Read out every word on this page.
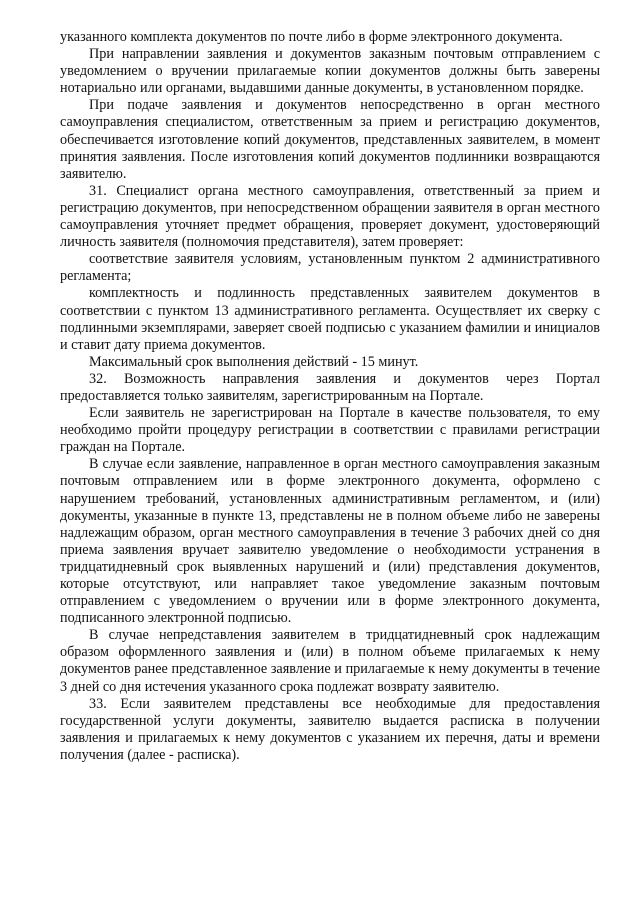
указанного комплекта документов по почте либо в форме электронного документа.

При направлении заявления и документов заказным почтовым отправлением с уведомлением о вручении прилагаемые копии документов должны быть заверены нотариально или органами, выдавшими данные документы, в установленном порядке.

При подаче заявления и документов непосредственно в орган местного самоуправления специалистом, ответственным за прием и регистрацию документов, обеспечивается изготовление копий документов, представленных заявителем, в момент принятия заявления. После изготовления копий документов подлинники возвращаются заявителю.

31. Специалист органа местного самоуправления, ответственный за прием и регистрацию документов, при непосредственном обращении заявителя в орган местного самоуправления уточняет предмет обращения, проверяет документ, удостоверяющий личность заявителя (полномочия представителя), затем проверяет:

соответствие заявителя условиям, установленным пунктом 2 административного регламента;

комплектность и подлинность представленных заявителем документов в соответствии с пунктом 13 административного регламента. Осуществляет их сверку с подлинными экземплярами, заверяет своей подписью с указанием фамилии и инициалов и ставит дату приема документов.

Максимальный срок выполнения действий - 15 минут.

32. Возможность направления заявления и документов через Портал предоставляется только заявителям, зарегистрированным на Портале.

Если заявитель не зарегистрирован на Портале в качестве пользователя, то ему необходимо пройти процедуру регистрации в соответствии с правилами регистрации граждан на Портале.

В случае если заявление, направленное в орган местного самоуправления заказным почтовым отправлением или в форме электронного документа, оформлено с нарушением требований, установленных административным регламентом, и (или) документы, указанные в пункте 13, представлены не в полном объеме либо не заверены надлежащим образом, орган местного самоуправления в течение 3 рабочих дней со дня приема заявления вручает заявителю уведомление о необходимости устранения в тридцатидневный срок выявленных нарушений и (или) представления документов, которые отсутствуют, или направляет такое уведомление заказным почтовым отправлением с уведомлением о вручении или в форме электронного документа, подписанного электронной подписью.

В случае непредставления заявителем в тридцатидневный срок надлежащим образом оформленного заявления и (или) в полном объеме прилагаемых к нему документов ранее представленное заявление и прилагаемые к нему документы в течение 3 дней со дня истечения указанного срока подлежат возврату заявителю.

33. Если заявителем представлены все необходимые для предоставления государственной услуги документы, заявителю выдается расписка в получении заявления и прилагаемых к нему документов с указанием их перечня, даты и времени получения (далее - расписка).
